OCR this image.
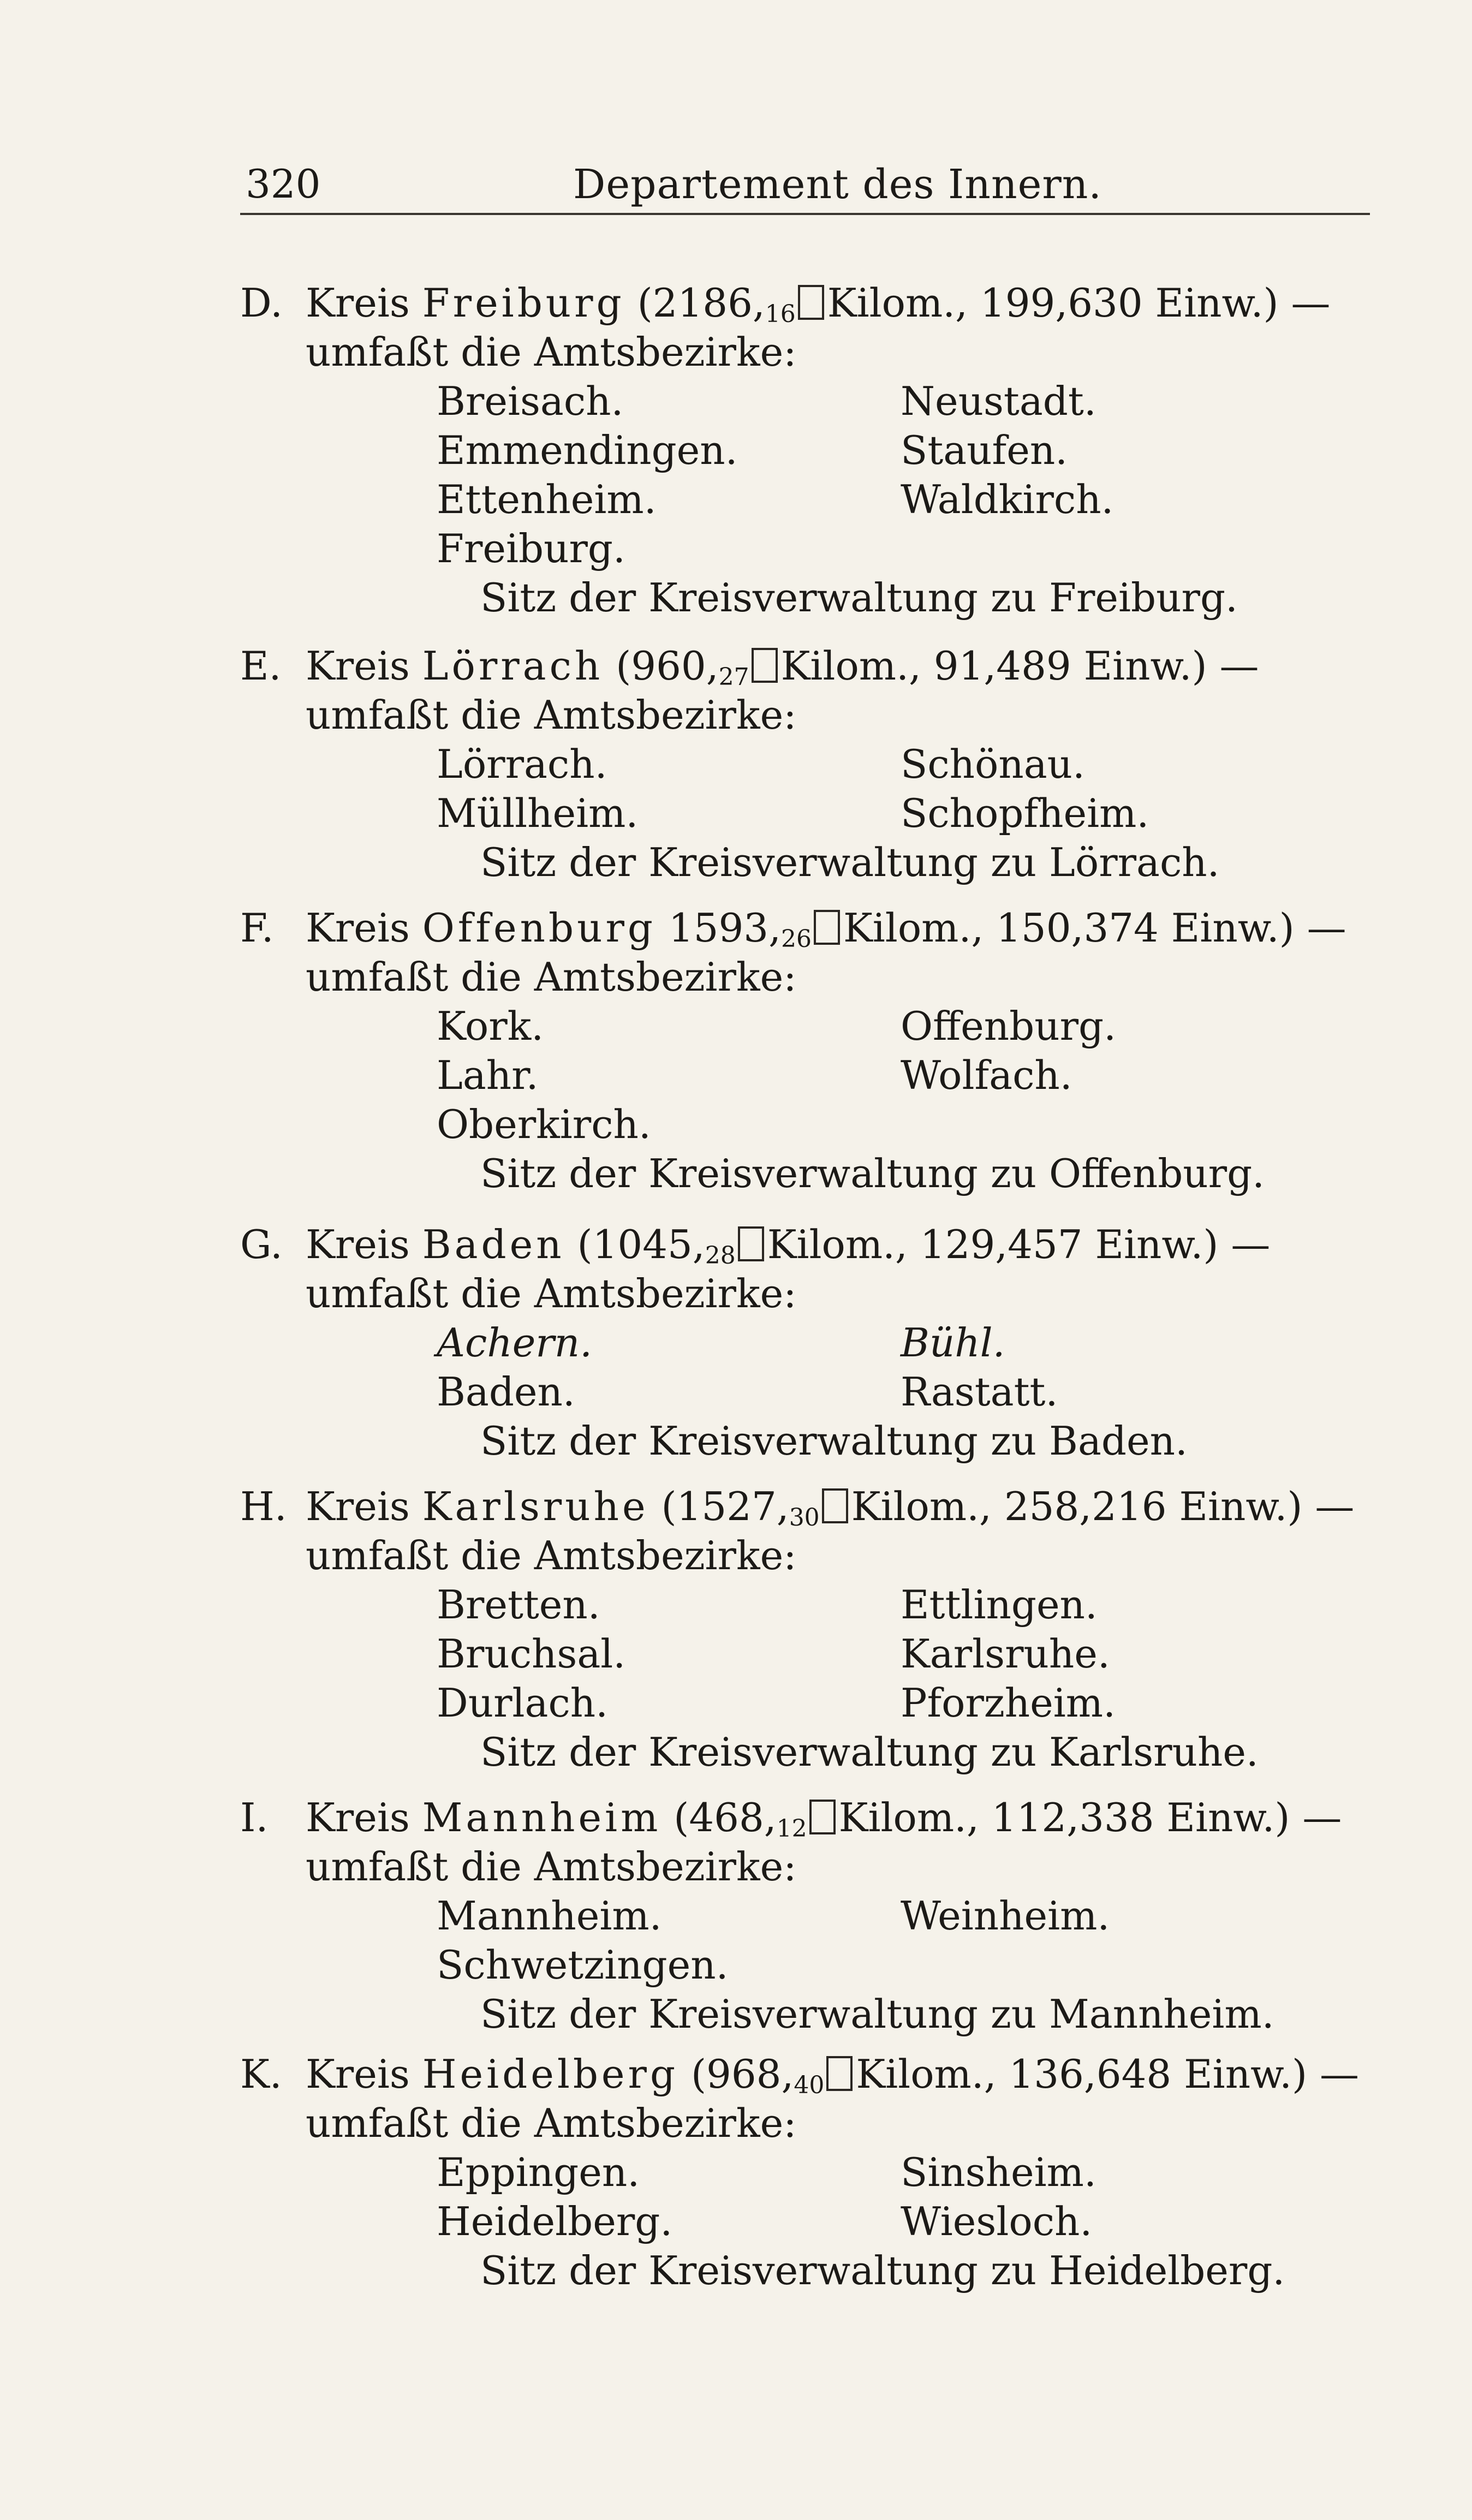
320	Departement des Innern.
D. Kreis Freiburg ($2186,_{16}$ Kilom., 199,630 Einw.) —
umfaßt die Amtsbezirke:
Breisach.
Emmendingen.
Ettenheim.
Freiburg.
Neustadt.
Staufen.
Waldkirch.
Sitz der Kreisverwaltung zu Freiburg.
E. Kreis Lörrach ($960,_{27}$ Kilom., 91,489 Einw.) —
umfaßt die Amtsbezirke:
Lörrach.
Müllheim.
Schönau.
Schopfheim.
Sitz der Kreisverwaltung zu Lörrach.
F. Kreis Offenburg $1593,_{26}$ Kilom., 150,374 Einw.) —
umfaßt die Amtsbezirke:
Kork.
Lahr.
Oberkirch.
Offenburg.
Wolfach.
Sitz der Kreisverwaltung zu Offenburg.
G. Kreis Baden ($1045,_{28}$ Kilom., 129,457 Einw.) —
umfaßt die Amtsbezirke:
Achern.
Baden.
Bühl.
Rastatt.
Sitz der Kreisverwaltung zu Baden.
H. Kreis Karlsruhe ($1527,_{30}$ Kilom., 258,216 Einw.) —
umfaßt die Amtsbezirke:
Bretten.
Bruchsal.
Durlach.
Ettlingen.
Karlsruhe.
Pforzheim.
Sitz der Kreisverwaltung zu Karlsruhe.
I. Kreis Mannheim ($468,_{12}$ Kilom., 112,338 Einw.) —
umfaßt die Amtsbezirke:
Mannheim.
Schwetzingen.
Weinheim.
Sitz der Kreisverwaltung zu Mannheim.
K. Kreis Heidelberg ($968,_{40}$ Kilom., 136,648 Einw.) —
umfaßt die Amtsbezirke:
Eppingen.
Heidelberg.
Sinsheim.
Wiesloch.
Sitz der Kreisverwaltung zu Heidelberg.
